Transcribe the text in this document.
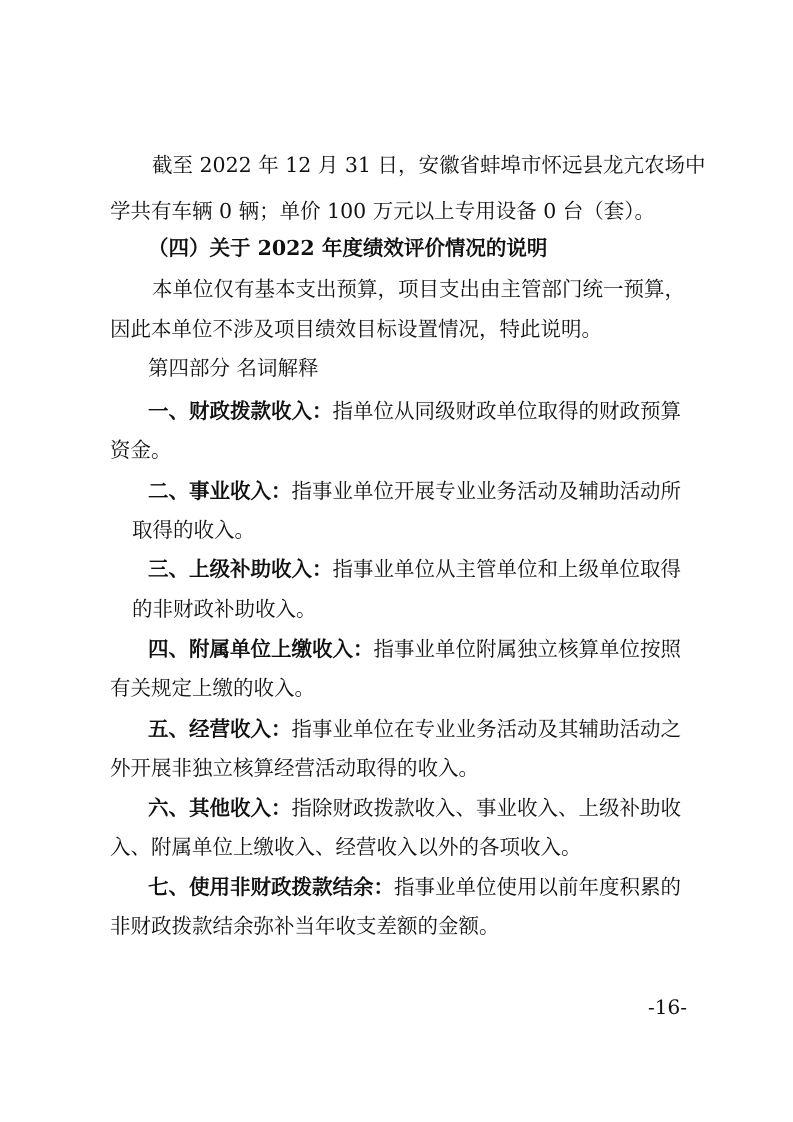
截至 2022 年 12 月 31 日，安徽省蚌埠市怀远县龙亢农场中
学共有车辆 0 辆；单价 100 万元以上专用设备 0 台（套）。
（四）关于 2022 年度绩效评价情况的说明
本单位仅有基本支出预算，项目支出由主管部门统一预算，
因此本单位不涉及项目绩效目标设置情况，特此说明。
第四部分 名词解释
一、财政拨款收入：指单位从同级财政单位取得的财政预算
资金。
二、事业收入：指事业单位开展专业业务活动及辅助活动所
取得的收入。
三、上级补助收入：指事业单位从主管单位和上级单位取得
的非财政补助收入。
四、附属单位上缴收入：指事业单位附属独立核算单位按照
有关规定上缴的收入。
五、经营收入：指事业单位在专业业务活动及其辅助活动之
外开展非独立核算经营活动取得的收入。
六、其他收入：指除财政拨款收入、事业收入、上级补助收
入、附属单位上缴收入、经营收入以外的各项收入。
七、使用非财政拨款结余：指事业单位使用以前年度积累的
非财政拨款结余弥补当年收支差额的金额。
-16-
